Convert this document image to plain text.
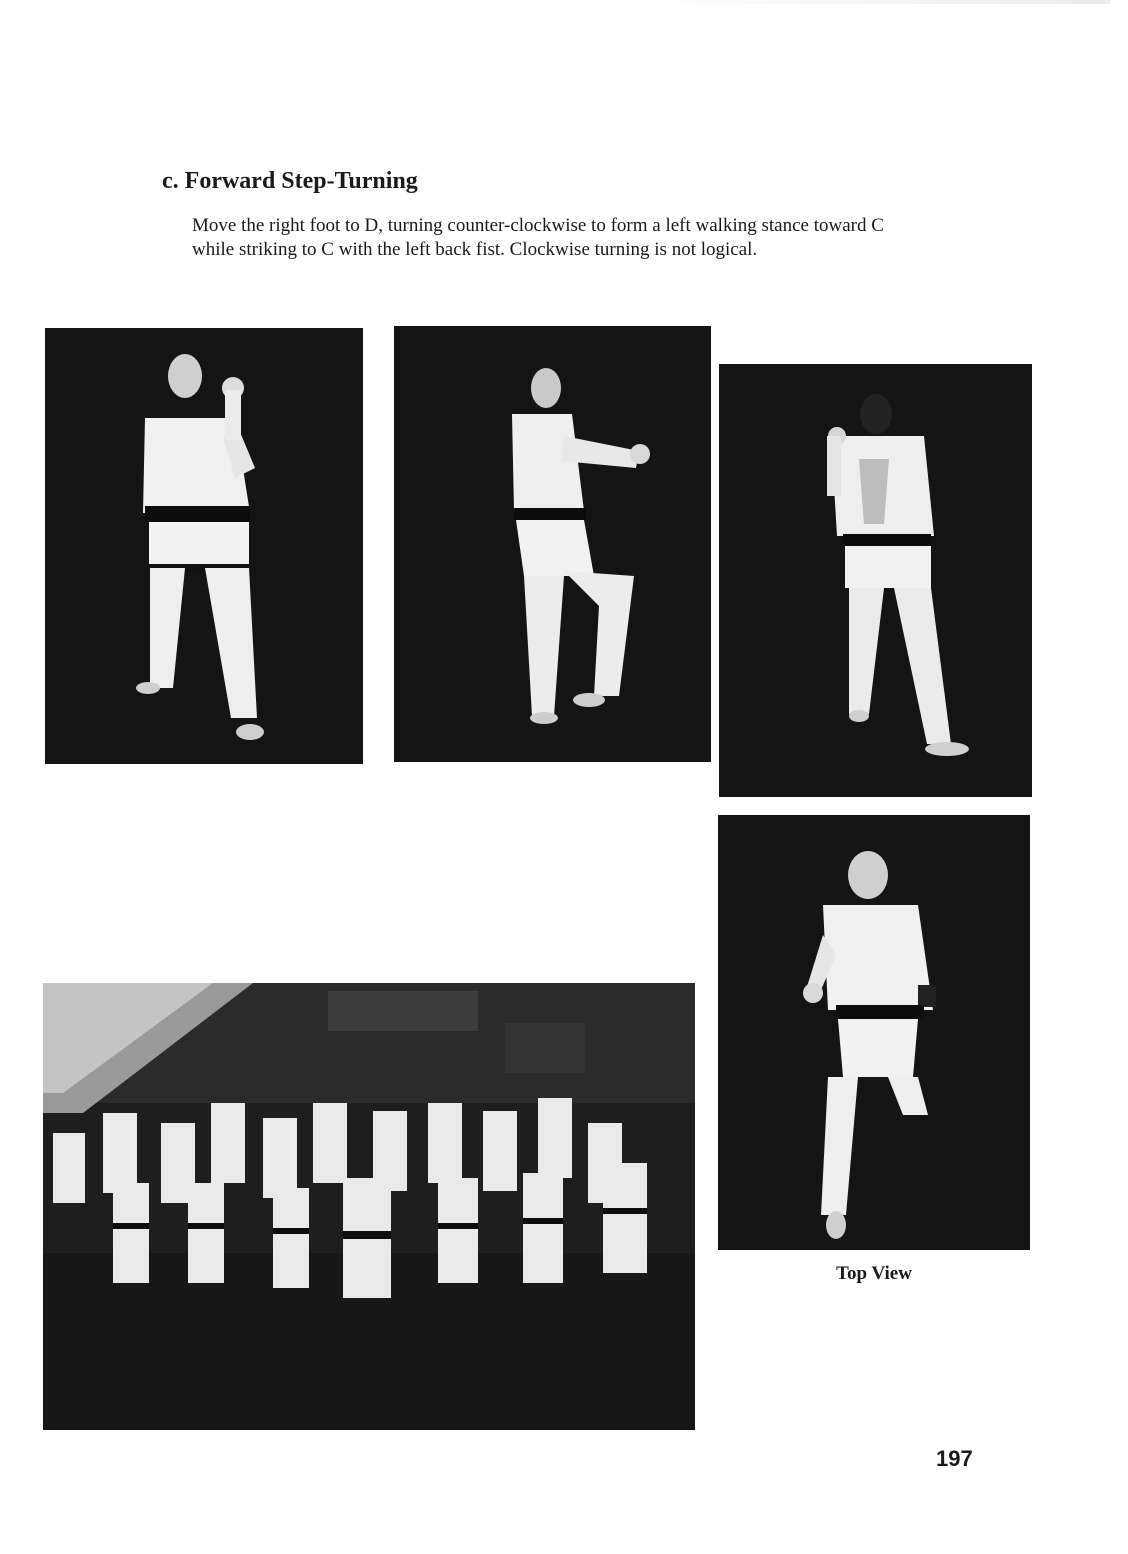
c. Forward Step-Turning

Move the right foot to D, turning counter-clockwise to form a left walking stance toward C while striking to C with the left back fist. Clockwise turning is not logical.

Top View

197
